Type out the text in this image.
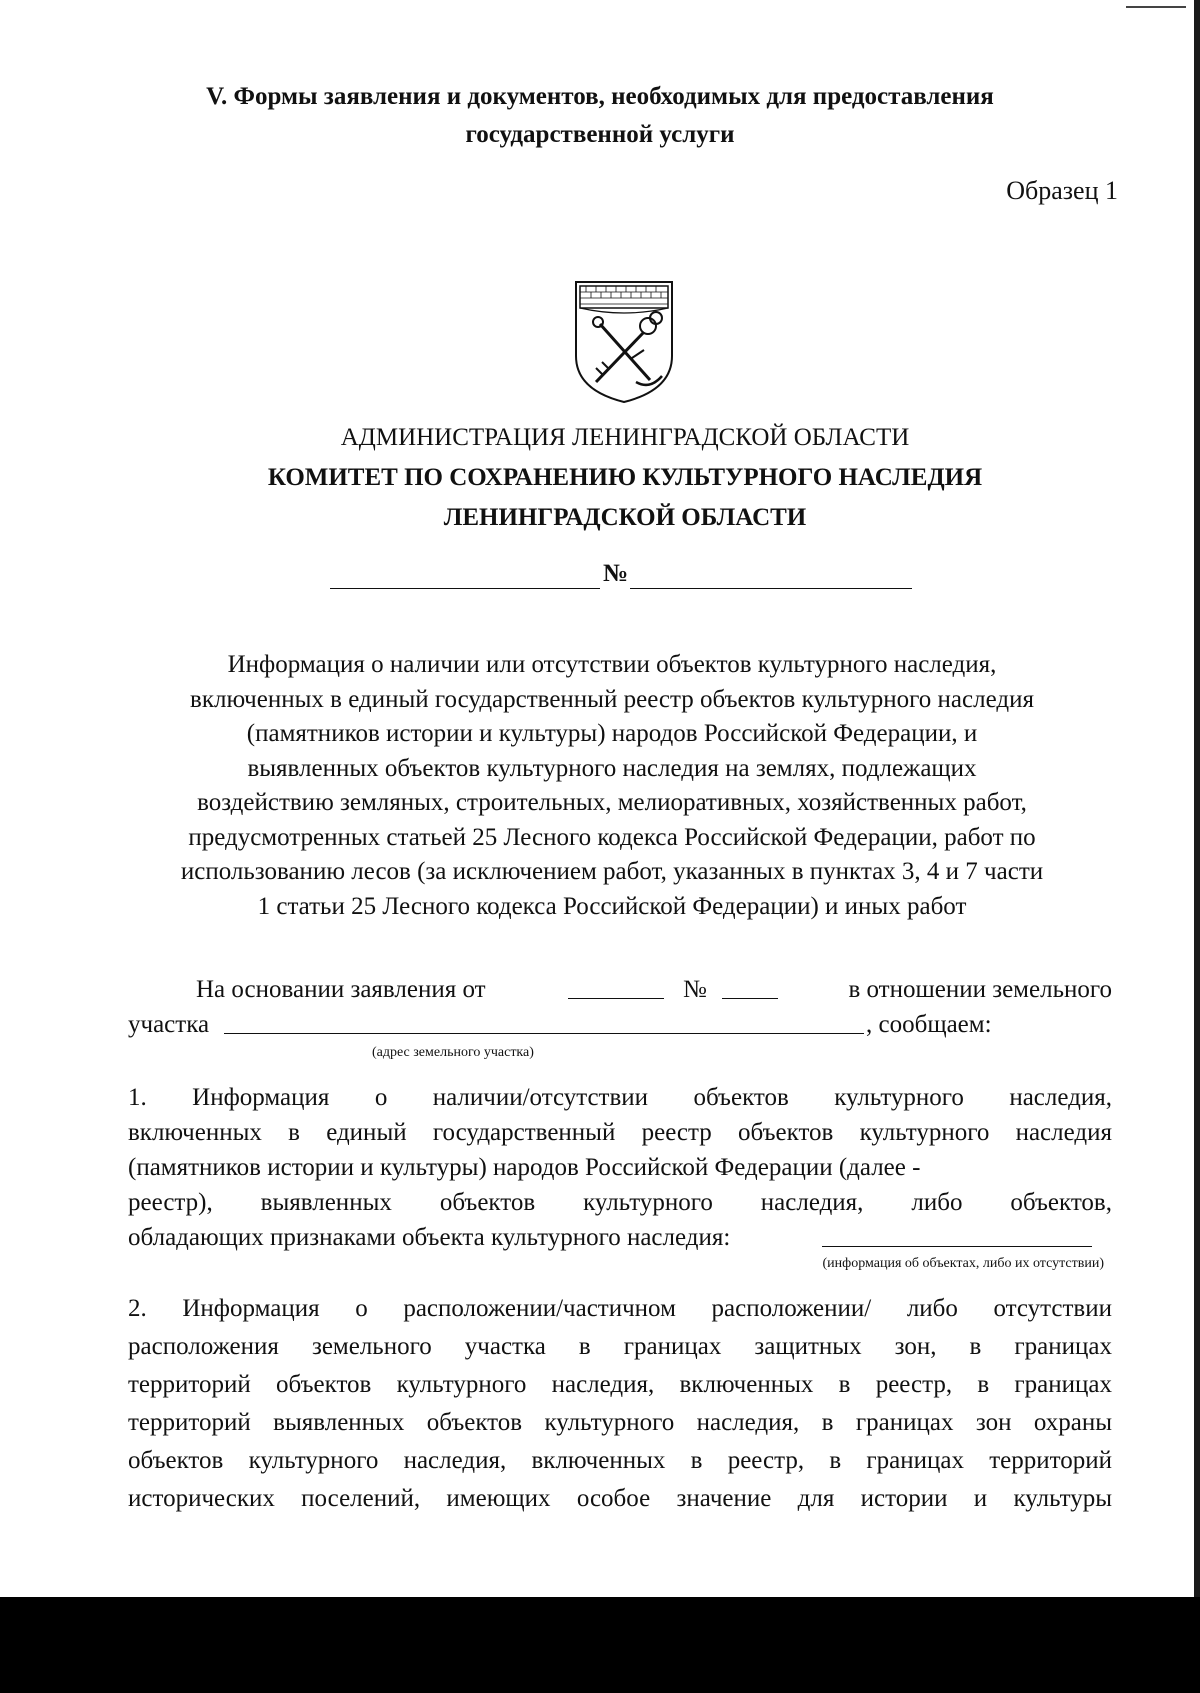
V. Формы заявления и документов, необходимых для предоставления
государственной услуги
Образец 1
АДМИНИСТРАЦИЯ ЛЕНИНГРАДСКОЙ ОБЛАСТИ
КОМИТЕТ ПО СОХРАНЕНИЮ КУЛЬТУРНОГО НАСЛЕДИЯ
ЛЕНИНГРАДСКОЙ ОБЛАСТИ
№
Информация о наличии или отсутствии объектов культурного наследия,
включенных в единый государственный реестр объектов культурного наследия
(памятников истории и культуры) народов Российской Федерации, и
выявленных объектов культурного наследия на землях, подлежащих
воздействию земляных, строительных, мелиоративных, хозяйственных работ,
предусмотренных статьей 25 Лесного кодекса Российской Федерации, работ по
использованию лесов (за исключением работ, указанных в пунктах 3, 4 и 7 части
1 статьи 25 Лесного кодекса Российской Федерации) и иных работ
На основании заявления от	№	в отношении земельного
участка	, сообщаем:
(адрес земельного участка)
1. Информация о наличии/отсутствии объектов культурного наследия,
включенных в единый государственный реестр объектов культурного наследия
(памятников истории и культуры) народов Российской Федерации (далее -
реестр), выявленных объектов культурного наследия, либо объектов,
обладающих признаками объекта культурного наследия:
(информация об объектах, либо их отсутствии)
2. Информация о расположении/частичном расположении/ либо отсутствии
расположения земельного участка в границах защитных зон, в границах
территорий объектов культурного наследия, включенных в реестр, в границах
территорий выявленных объектов культурного наследия, в границах зон охраны
объектов культурного наследия, включенных в реестр, в границах территорий
исторических поселений, имеющих особое значение для истории и культуры
